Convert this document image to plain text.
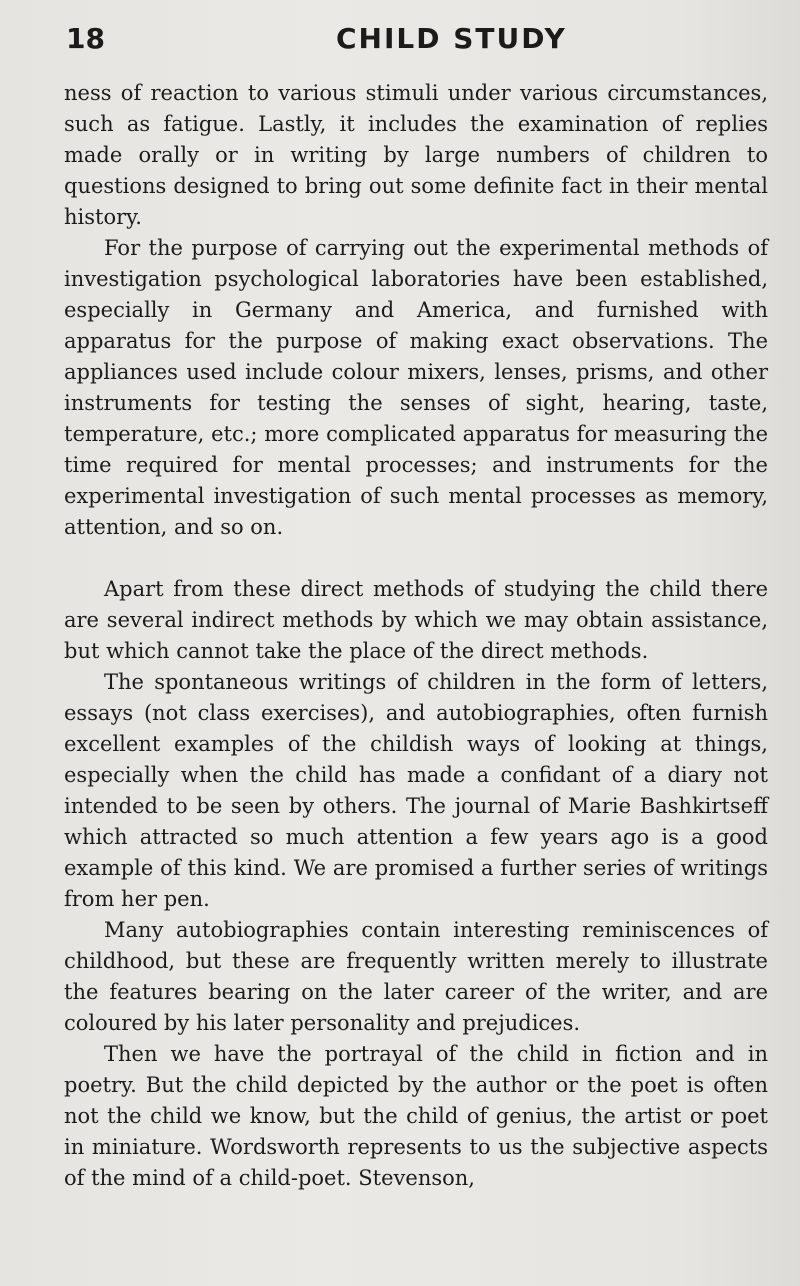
18	CHILD STUDY

ness of reaction to various stimuli under various circumstances, such as fatigue. Lastly, it includes the examination of replies made orally or in writing by large numbers of children to questions designed to bring out some definite fact in their mental history.

For the purpose of carrying out the experimental methods of investigation psychological laboratories have been established, especially in Germany and America, and furnished with apparatus for the purpose of making exact observations. The appliances used include colour mixers, lenses, prisms, and other instruments for testing the senses of sight, hearing, taste, temperature, etc.; more complicated apparatus for measuring the time required for mental processes; and instruments for the experimental investigation of such mental processes as memory, attention, and so on.

Apart from these direct methods of studying the child there are several indirect methods by which we may obtain assistance, but which cannot take the place of the direct methods.

The spontaneous writings of children in the form of letters, essays (not class exercises), and autobiographies, often furnish excellent examples of the childish ways of looking at things, especially when the child has made a confidant of a diary not intended to be seen by others. The journal of Marie Bashkirtseff which attracted so much attention a few years ago is a good example of this kind. We are promised a further series of writings from her pen.

Many autobiographies contain interesting reminiscences of childhood, but these are frequently written merely to illustrate the features bearing on the later career of the writer, and are coloured by his later personality and prejudices.

Then we have the portrayal of the child in fiction and in poetry. But the child depicted by the author or the poet is often not the child we know, but the child of genius, the artist or poet in miniature. Wordsworth represents to us the subjective aspects of the mind of a child-poet. Stevenson,
